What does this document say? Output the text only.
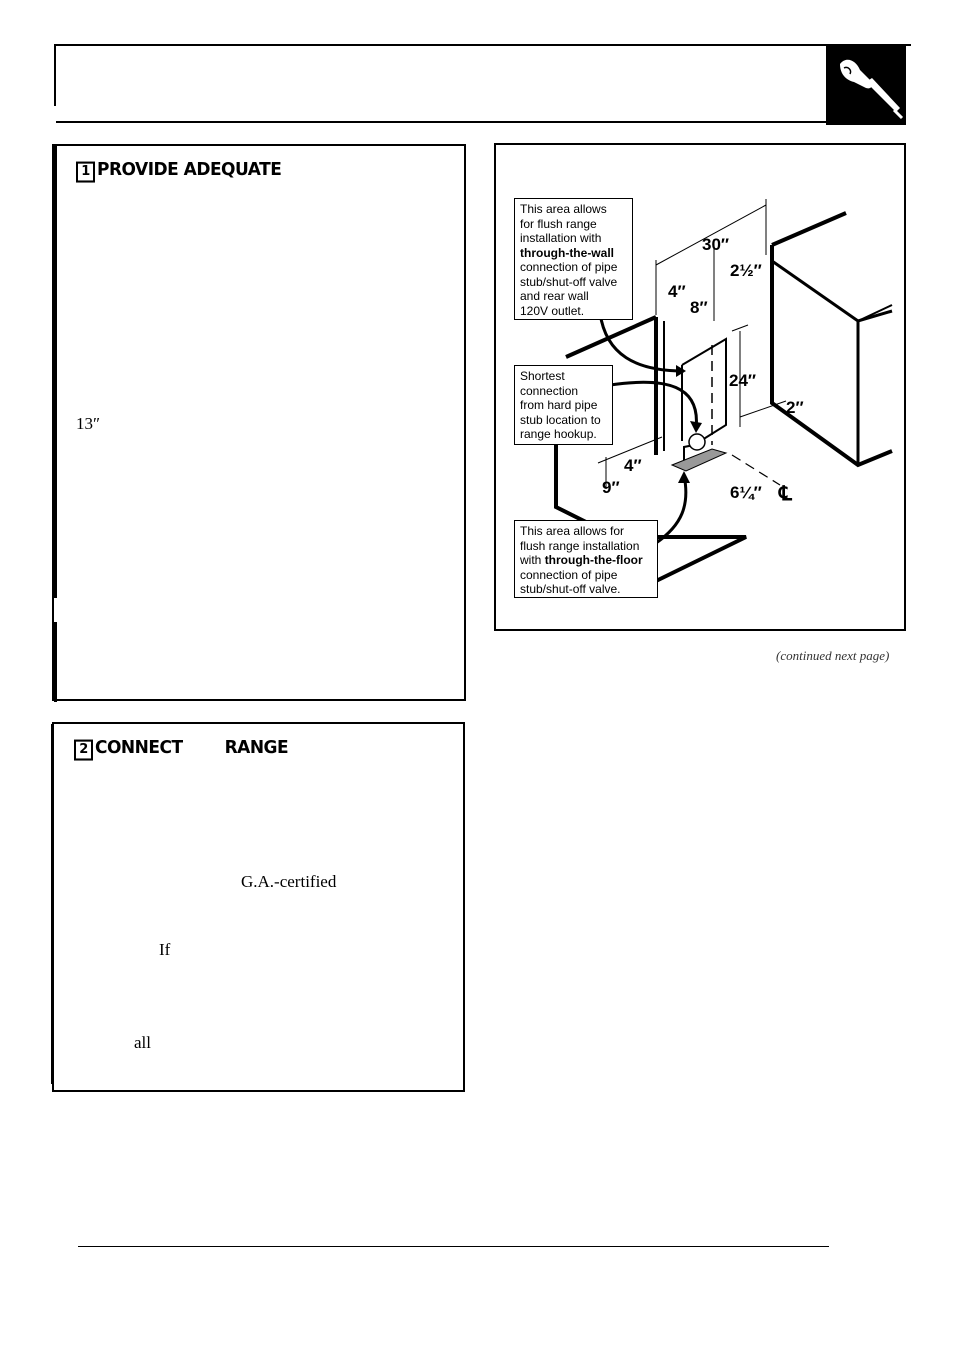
1 PROVIDE ADEQUATE
13″
2 CONNECT RANGE
G.A.-certified
If
all
This area allows
for flush range
installation with
through-the-wall
connection of pipe
stub/shut-off valve
and rear wall
120V outlet.
Shortest
connection
from hard pipe
stub location to
range hookup.
This area allows for
flush range installation
with through-the-floor
connection of pipe
stub/shut-off valve.
30″
2½″
4″
8″
24″
2″
4″
9″	6¼″ ℄
(continued next page)
